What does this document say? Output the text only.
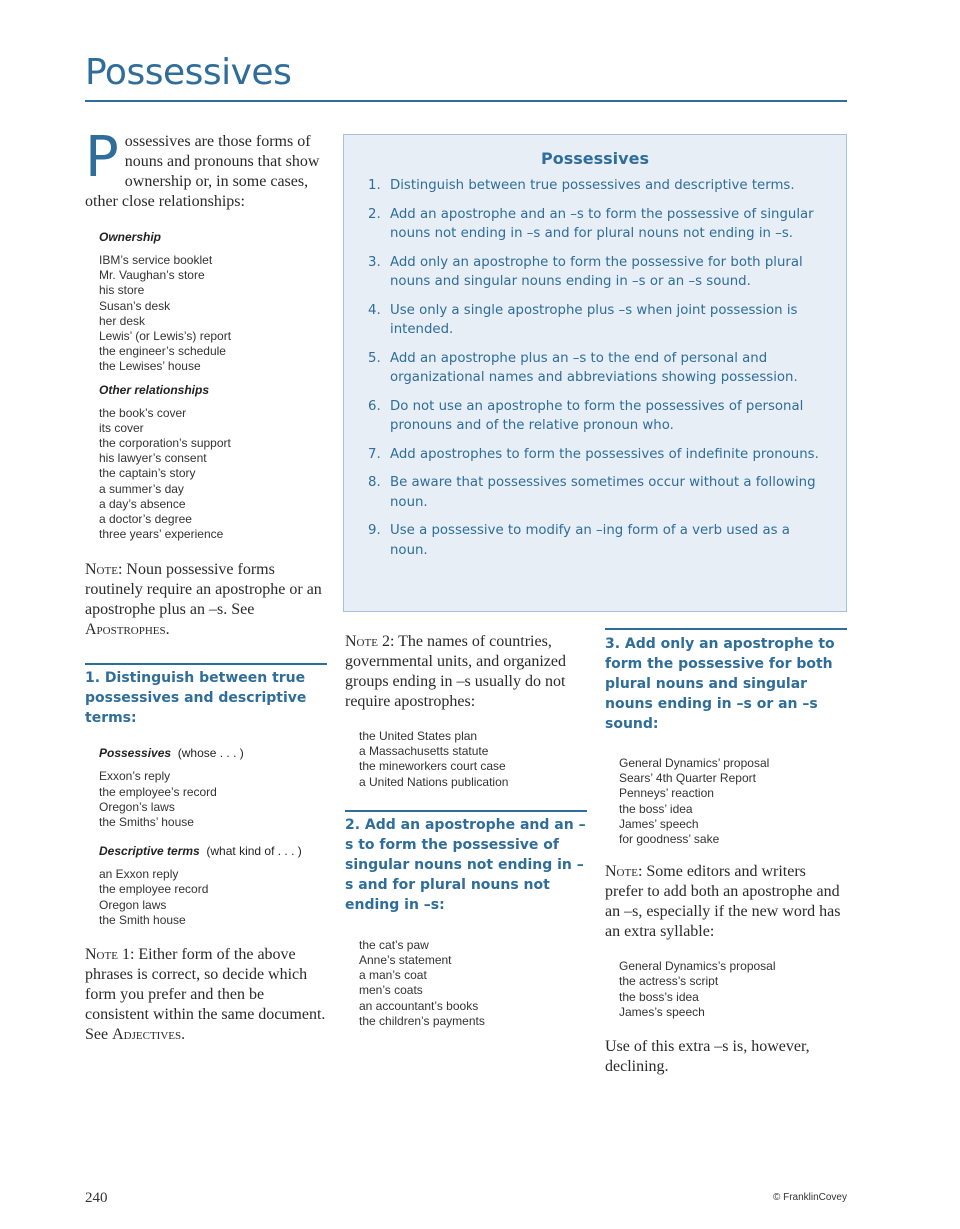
Possessives

Possessives are those forms of nouns and pronouns that show ownership or, in some cases, other close relationships:

Ownership
IBM’s service booklet
Mr. Vaughan’s store
his store
Susan’s desk
her desk
Lewis’ (or Lewis’s) report
the engineer’s schedule
the Lewises’ house
Other relationships
the book’s cover
its cover
the corporation’s support
his lawyer’s consent
the captain’s story
a summer’s day
a day’s absence
a doctor’s degree
three years’ experience

Note: Noun possessive forms routinely require an apostrophe or an apostrophe plus an –s. See Apostrophes.

1. Distinguish between true possessives and descriptive terms:
Possessives (whose . . . )
Exxon’s reply
the employee’s record
Oregon’s laws
the Smiths’ house
Descriptive terms (what kind of . . . )
an Exxon reply
the employee record
Oregon laws
the Smith house

Note 1: Either form of the above phrases is correct, so decide which form you prefer and then be consistent within the same document. See Adjectives.

Possessives
1. Distinguish between true possessives and descriptive terms.
2. Add an apostrophe and an –s to form the possessive of singular nouns not ending in –s and for plural nouns not ending in –s.
3. Add only an apostrophe to form the possessive for both plural nouns and singular nouns ending in –s or an –s sound.
4. Use only a single apostrophe plus –s when joint possession is intended.
5. Add an apostrophe plus an –s to the end of personal and organizational names and abbreviations showing possession.
6. Do not use an apostrophe to form the possessives of personal pronouns and of the relative pronoun who.
7. Add apostrophes to form the possessives of indefinite pronouns.
8. Be aware that possessives sometimes occur without a following noun.
9. Use a possessive to modify an –ing form of a verb used as a noun.

Note 2: The names of countries, governmental units, and organized groups ending in –s usually do not require apostrophes:

the United States plan
a Massachusetts statute
the mineworkers court case
a United Nations publication
2. Add an apostrophe and an –s to form the possessive of singular nouns not ending in –s and for plural nouns not ending in –s:
the cat’s paw
Anne’s statement
a man’s coat
men’s coats
an accountant’s books
the children’s payments
3. Add only an apostrophe to form the possessive for both plural nouns and singular nouns ending in –s or an –s sound:
General Dynamics’ proposal
Sears’ 4th Quarter Report
Penneys’ reaction
the boss’ idea
James’ speech
for goodness’ sake

Note: Some editors and writers prefer to add both an apostrophe and an –s, especially if the new word has an extra syllable:

General Dynamics’s proposal
the actress’s script
the boss’s idea
James’s speech

Use of this extra –s is, however, declining.

240	© FranklinCovey
